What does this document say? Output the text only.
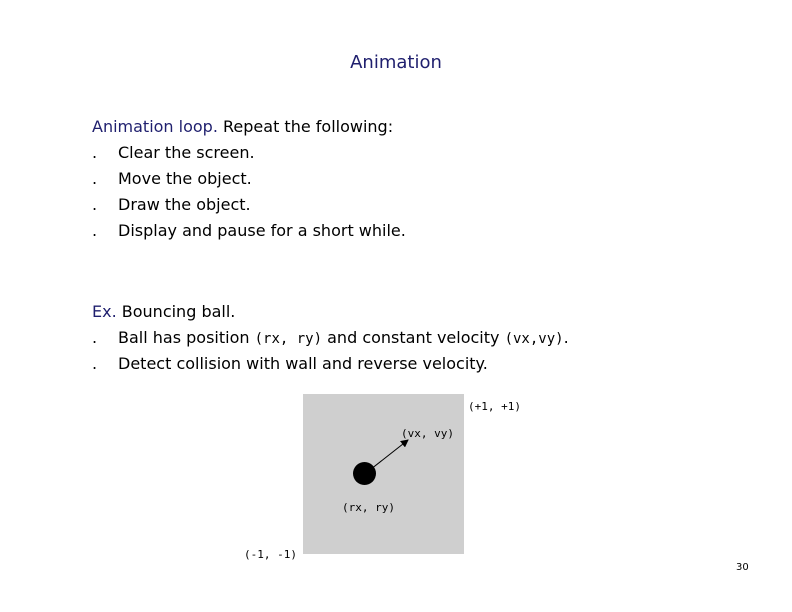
Animation
Animation loop. Repeat the following:
. Clear the screen.
. Move the object.
. Draw the object.
. Display and pause for a short while.
Ex. Bouncing ball.
. Ball has position (rx, ry) and constant velocity (vx,vy).
. Detect collision with wall and reverse velocity.
(+1, +1)
(vx, vy)
(rx, ry)
(-1, -1)
30
